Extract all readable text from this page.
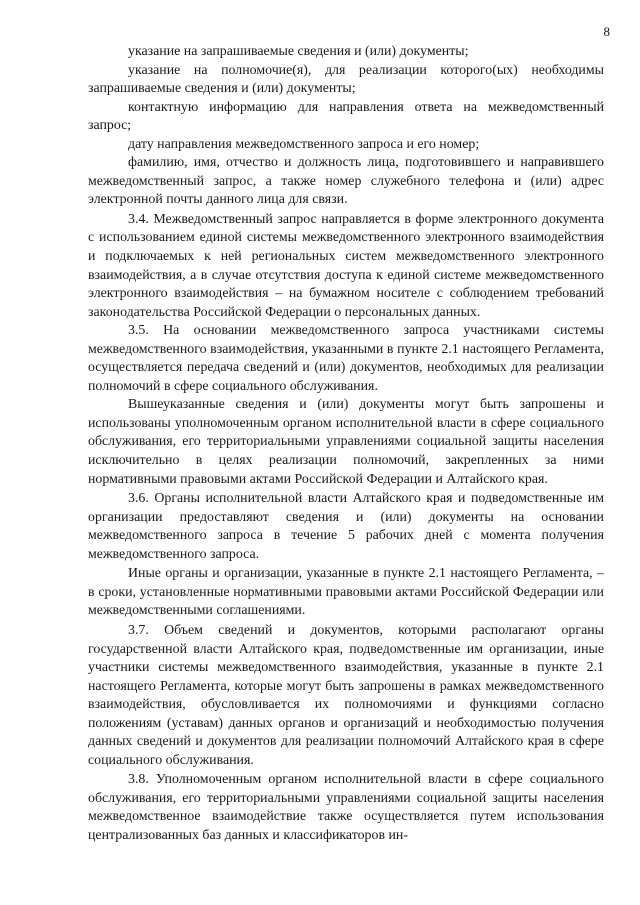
8

указание на запрашиваемые сведения и (или) документы;

указание на полномочие(я), для реализации которого(ых) необходимы запрашиваемые сведения и (или) документы;

контактную информацию для направления ответа на межведомственный запрос;

дату направления межведомственного запроса и его номер;

фамилию, имя, отчество и должность лица, подготовившего и направившего межведомственный запрос, а также номер служебного телефона и (или) адрес электронной почты данного лица для связи.

3.4. Межведомственный запрос направляется в форме электронного документа с использованием единой системы межведомственного электронного взаимодействия и подключаемых к ней региональных систем межведомственного электронного взаимодействия, а в случае отсутствия доступа к единой системе межведомственного электронного взаимодействия – на бумажном носителе с соблюдением требований законодательства Российской Федерации о персональных данных.

3.5. На основании межведомственного запроса участниками системы межведомственного взаимодействия, указанными в пункте 2.1 настоящего Регламента, осуществляется передача сведений и (или) документов, необходимых для реализации полномочий в сфере социального обслуживания.

Вышеуказанные сведения и (или) документы могут быть запрошены и использованы уполномоченным органом исполнительной власти в сфере социального обслуживания, его территориальными управлениями социальной защиты населения исключительно в целях реализации полномочий, закрепленных за ними нормативными правовыми актами Российской Федерации и Алтайского края.

3.6. Органы исполнительной власти Алтайского края и подведомственные им организации предоставляют сведения и (или) документы на основании межведомственного запроса в течение 5 рабочих дней с момента получения межведомственного запроса.

Иные органы и организации, указанные в пункте 2.1 настоящего Регламента, – в сроки, установленные нормативными правовыми актами Российской Федерации или межведомственными соглашениями.

3.7. Объем сведений и документов, которыми располагают органы государственной власти Алтайского края, подведомственные им организации, иные участники системы межведомственного взаимодействия, указанные в пункте 2.1 настоящего Регламента, которые могут быть запрошены в рамках межведомственного взаимодействия, обусловливается их полномочиями и функциями согласно положениям (уставам) данных органов и организаций и необходимостью получения данных сведений и документов для реализации полномочий Алтайского края в сфере социального обслуживания.

3.8. Уполномоченным органом исполнительной власти в сфере социального обслуживания, его территориальными управлениями социальной защиты населения межведомственное взаимодействие также осуществляется путем использования централизованных баз данных и классификаторов ин-
